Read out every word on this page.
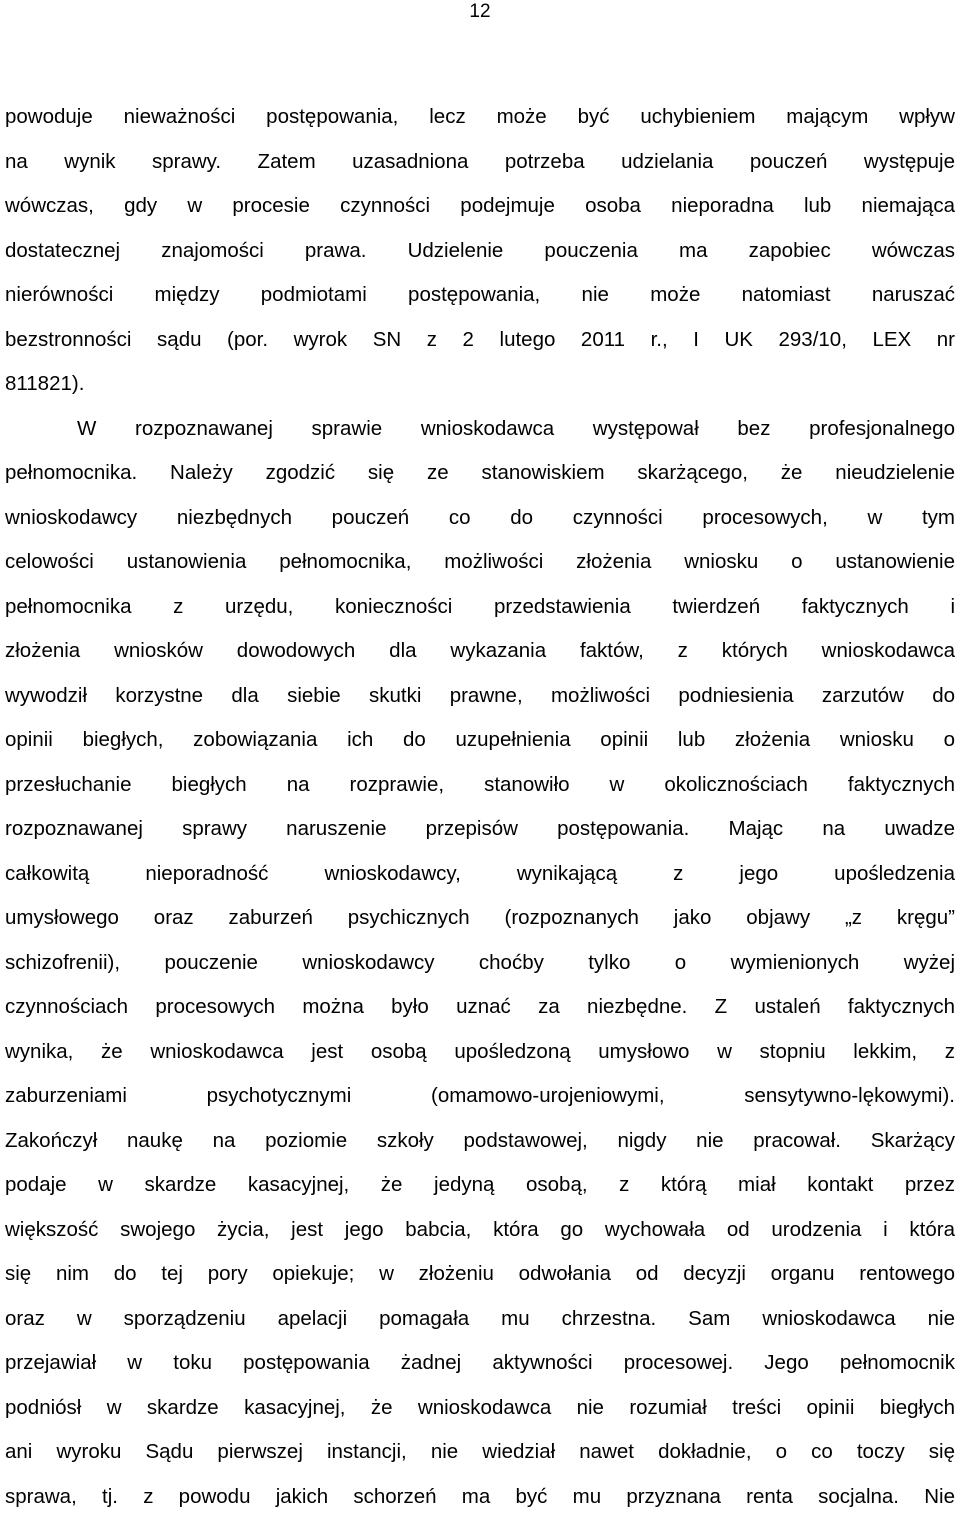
12
powoduje nieważności postępowania, lecz może być uchybieniem mającym wpływ
na wynik sprawy. Zatem uzasadniona potrzeba udzielania pouczeń występuje
wówczas, gdy w procesie czynności podejmuje osoba nieporadna lub niemająca
dostatecznej znajomości prawa. Udzielenie pouczenia ma zapobiec wówczas
nierówności między podmiotami postępowania, nie może natomiast naruszać
bezstronności sądu (por. wyrok SN z 2 lutego 2011 r., I UK 293/10, LEX nr
811821).
W rozpoznawanej sprawie wnioskodawca występował bez profesjonalnego
pełnomocnika. Należy zgodzić się ze stanowiskiem skarżącego, że nieudzielenie
wnioskodawcy niezbędnych pouczeń co do czynności procesowych, w tym
celowości ustanowienia pełnomocnika, możliwości złożenia wniosku o ustanowienie
pełnomocnika z urzędu, konieczności przedstawienia twierdzeń faktycznych i
złożenia wniosków dowodowych dla wykazania faktów, z których wnioskodawca
wywodził korzystne dla siebie skutki prawne, możliwości podniesienia zarzutów do
opinii biegłych, zobowiązania ich do uzupełnienia opinii lub złożenia wniosku o
przesłuchanie biegłych na rozprawie, stanowiło w okolicznościach faktycznych
rozpoznawanej sprawy naruszenie przepisów postępowania. Mając na uwadze
całkowitą nieporadność wnioskodawcy, wynikającą z jego upośledzenia
umysłowego oraz zaburzeń psychicznych (rozpoznanych jako objawy „z kręgu”
schizofrenii), pouczenie wnioskodawcy choćby tylko o wymienionych wyżej
czynnościach procesowych można było uznać za niezbędne. Z ustaleń faktycznych
wynika, że wnioskodawca jest osobą upośledzoną umysłowo w stopniu lekkim, z
zaburzeniami psychotycznymi (omamowo-urojeniowymi, sensytywno-lękowymi).
Zakończył naukę na poziomie szkoły podstawowej, nigdy nie pracował. Skarżący
podaje w skardze kasacyjnej, że jedyną osobą, z którą miał kontakt przez
większość swojego życia, jest jego babcia, która go wychowała od urodzenia i która
się nim do tej pory opiekuje; w złożeniu odwołania od decyzji organu rentowego
oraz w sporządzeniu apelacji pomagała mu chrzestna. Sam wnioskodawca nie
przejawiał w toku postępowania żadnej aktywności procesowej. Jego pełnomocnik
podniósł w skardze kasacyjnej, że wnioskodawca nie rozumiał treści opinii biegłych
ani wyroku Sądu pierwszej instancji, nie wiedział nawet dokładnie, o co toczy się
sprawa, tj. z powodu jakich schorzeń ma być mu przyznana renta socjalna. Nie
